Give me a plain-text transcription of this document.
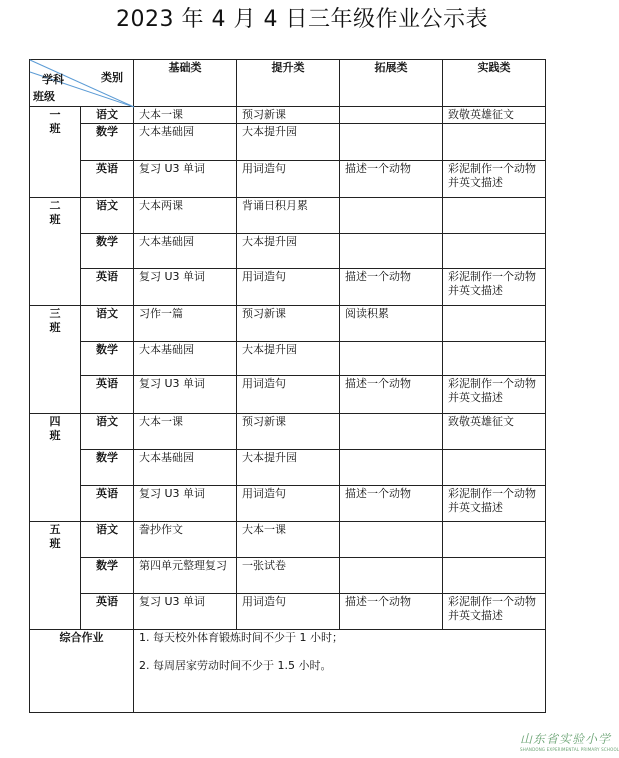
2023 年 4 月 4 日三年级作业公示表
类别
学科
班级		基础类	提升类	拓展类	实践类

一
班	语文	大本一课	预习新课		致敬英雄征文
	数学	大本基础园	大本提升园		
	英语	复习 U3 单词	用词造句	描述一个动物	彩泥制作一个动物并英文描述

二
班	语文	大本两课	背诵日积月累		
	数学	大本基础园	大本提升园		
	英语	复习 U3 单词	用词造句	描述一个动物	彩泥制作一个动物并英文描述

三
班	语文	习作一篇	预习新课	阅读积累	
	数学	大本基础园	大本提升园		
	英语	复习 U3 单词	用词造句	描述一个动物	彩泥制作一个动物并英文描述

四
班	语文	大本一课	预习新课		致敬英雄征文
	数学	大本基础园	大本提升园		
	英语	复习 U3 单词	用词造句	描述一个动物	彩泥制作一个动物并英文描述

五
班	语文	誊抄作文	大本一课		
	数学	第四单元整理复习	一张试卷		
	英语	复习 U3 单词	用词造句	描述一个动物	彩泥制作一个动物并英文描述
综合作业		1. 每天校外体育锻炼时间不少于 1 小时；

2. 每周居家劳动时间不少于 1.5 小时。			

山东省实验小学
SHANDONG EXPERIMENTAL PRIMARY SCHOOL
